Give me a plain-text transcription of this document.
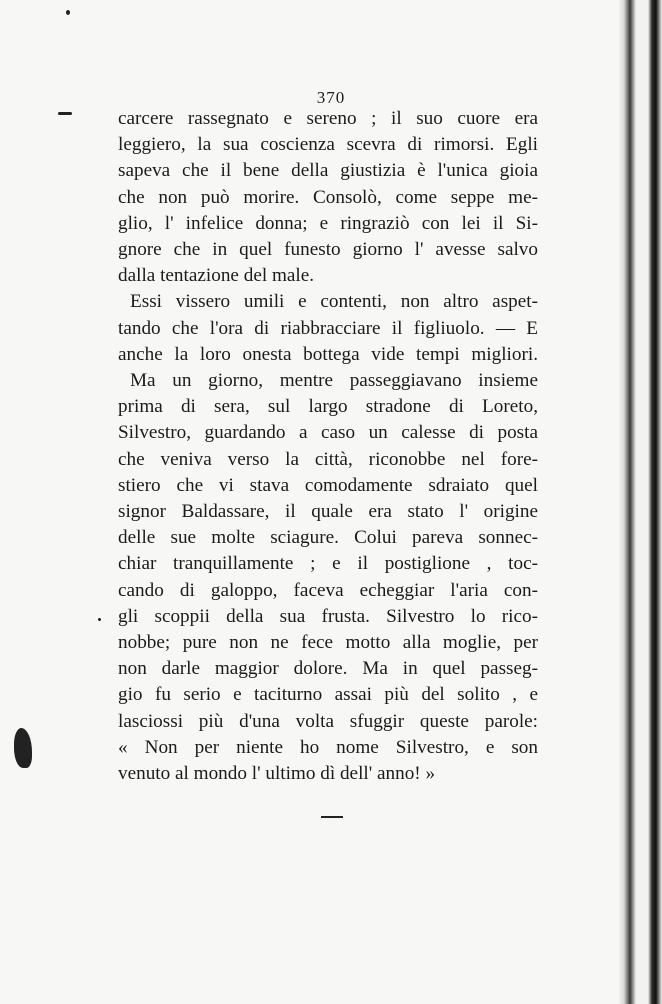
370
carcere rassegnato e sereno ; il suo cuore era
leggiero, la sua coscienza scevra di rimorsi. Egli
sapeva che il bene della giustizia è l'unica gioia
che non può morire. Consolò, come seppe me-
glio, l' infelice donna; e ringraziò con lei il Si-
gnore che in quel funesto giorno l' avesse salvo
dalla tentazione del male.
Essi vissero umili e contenti, non altro aspet-
tando che l'ora di riabbracciare il figliuolo. — E
anche la loro onesta bottega vide tempi migliori.
Ma un giorno, mentre passeggiavano insieme
prima di sera, sul largo stradone di Loreto,
Silvestro, guardando a caso un calesse di posta
che veniva verso la città, riconobbe nel fore-
stiero che vi stava comodamente sdraiato quel
signor Baldassare, il quale era stato l' origine
delle sue molte sciagure. Colui pareva sonnec-
chiar tranquillamente ; e il postiglione , toc-
cando di galoppo, faceva echeggiar l'aria con-
gli scoppii della sua frusta. Silvestro lo rico-
nobbe; pure non ne fece motto alla moglie, per
non darle maggior dolore. Ma in quel passeg-
gio fu serio e taciturno assai più del solito , e
lasciossi più d'una volta sfuggir queste parole:
« Non per niente ho nome Silvestro, e son
venuto al mondo l' ultimo dì dell' anno! »
